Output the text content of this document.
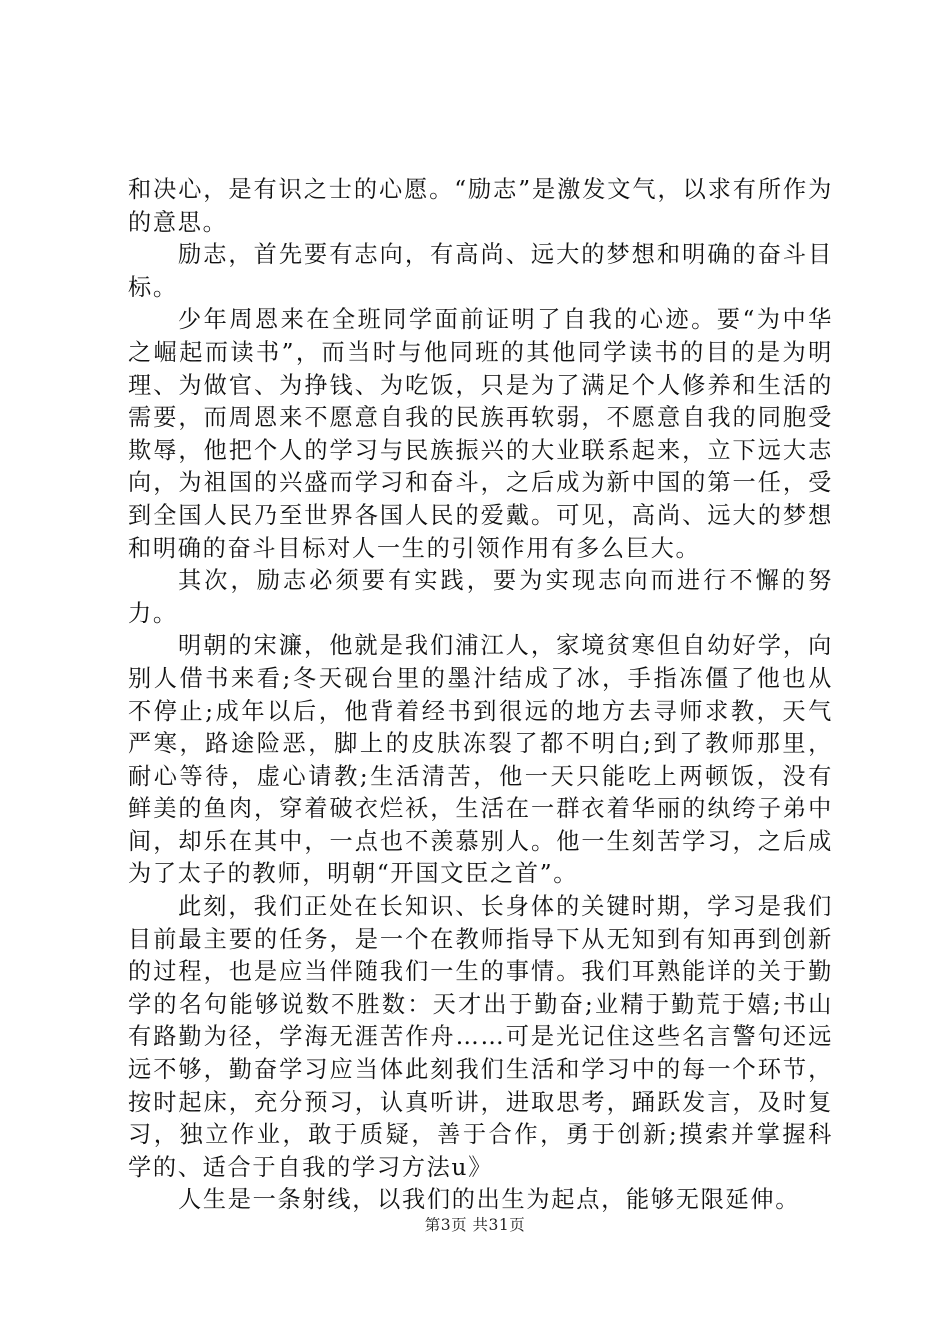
和决心，是有识之士的心愿。“励志”是激发文气，以求有所作为的意思。

励志，首先要有志向，有高尚、远大的梦想和明确的奋斗目标。

少年周恩来在全班同学面前证明了自我的心迹。要“为中华之崛起而读书”，而当时与他同班的其他同学读书的目的是为明理、为做官、为挣钱、为吃饭，只是为了满足个人修养和生活的需要，而周恩来不愿意自我的民族再软弱，不愿意自我的同胞受欺辱，他把个人的学习与民族振兴的大业联系起来，立下远大志向，为祖国的兴盛而学习和奋斗，之后成为新中国的第一任，受到全国人民乃至世界各国人民的爱戴。可见，高尚、远大的梦想和明确的奋斗目标对人一生的引领作用有多么巨大。

其次，励志必须要有实践，要为实现志向而进行不懈的努力。

明朝的宋濂，他就是我们浦江人，家境贫寒但自幼好学，向别人借书来看;冬天砚台里的墨汁结成了冰，手指冻僵了他也从不停止;成年以后，他背着经书到很远的地方去寻师求教，天气严寒，路途险恶，脚上的皮肤冻裂了都不明白;到了教师那里，耐心等待，虚心请教;生活清苦，他一天只能吃上两顿饭，没有鲜美的鱼肉，穿着破衣烂袄，生活在一群衣着华丽的纨绔子弟中间，却乐在其中，一点也不羡慕别人。他一生刻苦学习，之后成为了太子的教师，明朝“开国文臣之首”。

此刻，我们正处在长知识、长身体的关键时期，学习是我们目前最主要的任务，是一个在教师指导下从无知到有知再到创新的过程，也是应当伴随我们一生的事情。我们耳熟能详的关于勤学的名句能够说数不胜数：天才出于勤奋;业精于勤荒于嬉;书山有路勤为径，学海无涯苦作舟……可是光记住这些名言警句还远远不够，勤奋学习应当体此刻我们生活和学习中的每一个环节，按时起床，充分预习，认真听讲，进取思考，踊跃发言，及时复习，独立作业，敢于质疑，善于合作，勇于创新;摸索并掌握科学的、适合于自我的学习方法u》

人生是一条射线，以我们的出生为起点，能够无限延伸。

第3页 共31页
